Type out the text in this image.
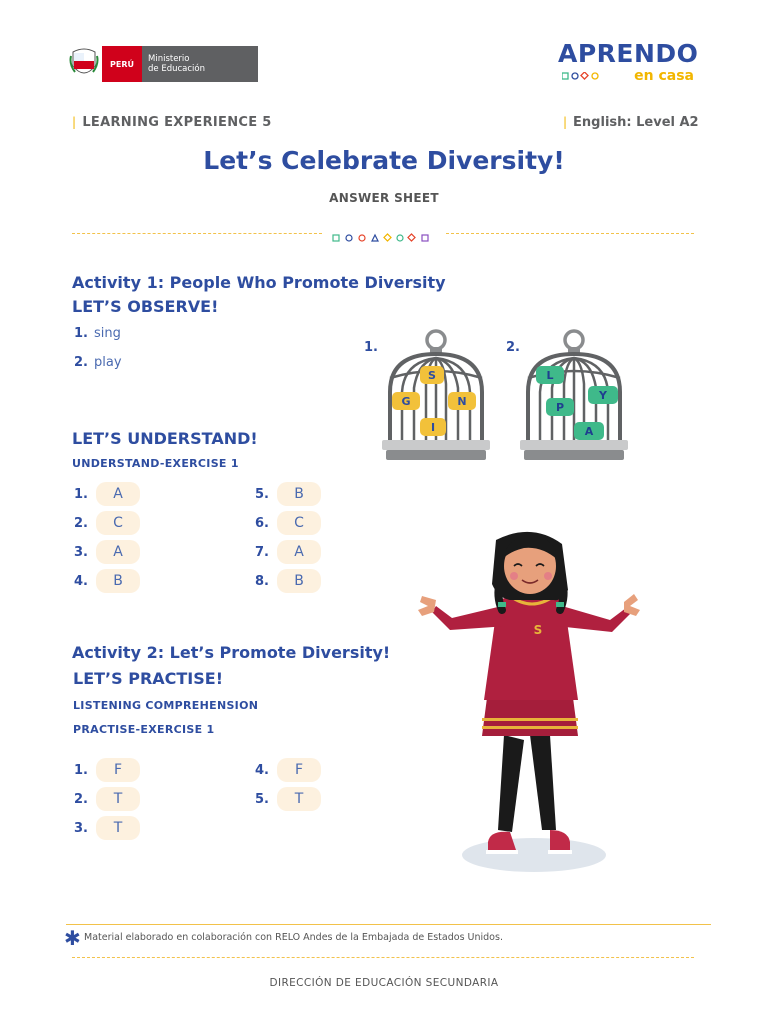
PERÚ	Ministerio
de Educación
APRENDO
en casa
| LEARNING EXPERIENCE 5	| English: Level A2
Let’s Celebrate Diversity!
ANSWER SHEET
Activity 1: People Who Promote Diversity
LET’S OBSERVE!
1. sing
2. play
1.	2.
S
G	N
I
L
Y
P
A
LET’S UNDERSTAND!
UNDERSTAND-EXERCISE 1
1.	A
2.	C
3.	A
4.	B
5.	B
6.	C
7.	A
8.	B
Activity 2: Let’s Promote Diversity!
LET’S PRACTISE!
LISTENING COMPREHENSION
PRACTISE-EXERCISE 1
1.	F
2.	T
3.	T
4.	F
5.	T
S
✱ Material elaborado en colaboración con RELO Andes de la Embajada de Estados Unidos.
DIRECCIÓN DE EDUCACIÓN SECUNDARIA
